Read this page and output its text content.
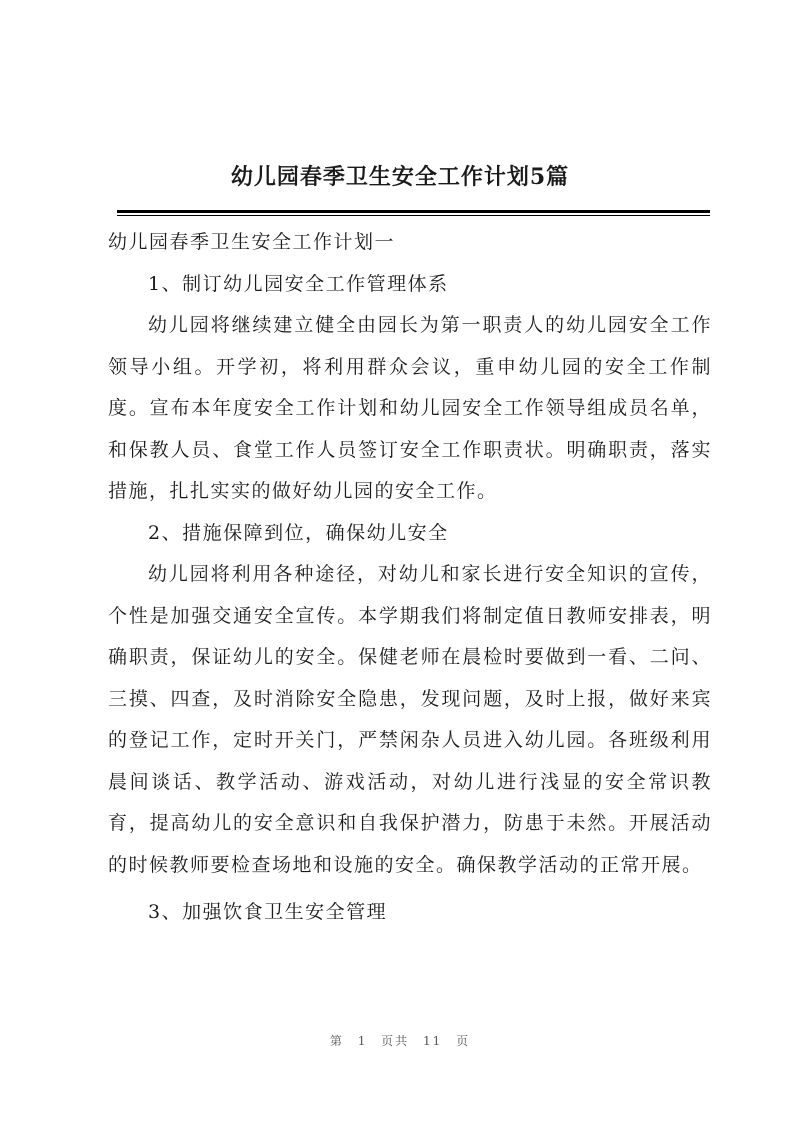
幼儿园春季卫生安全工作计划5篇

幼儿园春季卫生安全工作计划一

1、制订幼儿园安全工作管理体系

幼儿园将继续建立健全由园长为第一职责人的幼儿园安全工作领导小组。开学初，将利用群众会议，重申幼儿园的安全工作制度。宣布本年度安全工作计划和幼儿园安全工作领导组成员名单，和保教人员、食堂工作人员签订安全工作职责状。明确职责，落实措施，扎扎实实的做好幼儿园的安全工作。

2、措施保障到位，确保幼儿安全

幼儿园将利用各种途径，对幼儿和家长进行安全知识的宣传，个性是加强交通安全宣传。本学期我们将制定值日教师安排表，明确职责，保证幼儿的安全。保健老师在晨检时要做到一看、二问、三摸、四查，及时消除安全隐患，发现问题，及时上报，做好来宾的登记工作，定时开关门，严禁闲杂人员进入幼儿园。各班级利用晨间谈话、教学活动、游戏活动，对幼儿进行浅显的安全常识教育，提高幼儿的安全意识和自我保护潜力，防患于未然。开展活动的时候教师要检查场地和设施的安全。确保教学活动的正常开展。

3、加强饮食卫生安全管理

第 1 页共 11 页
